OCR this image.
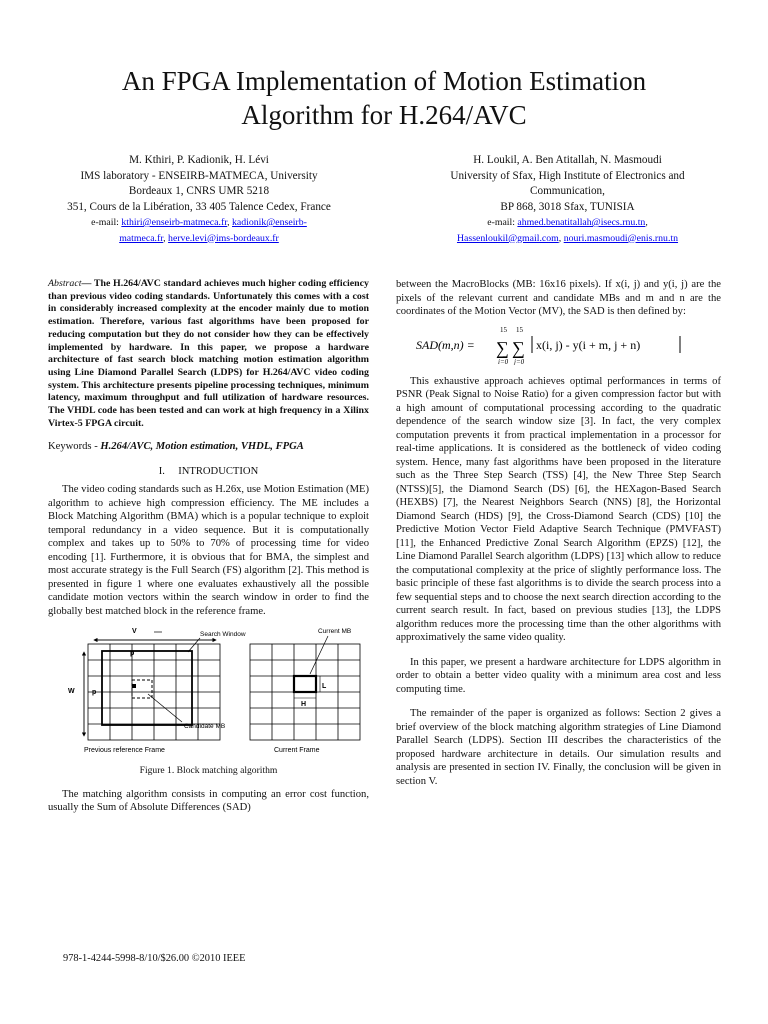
An FPGA Implementation of Motion Estimation
Algorithm for H.264/AVC
M. Kthiri, P. Kadionik, H. Lévi
IMS laboratory - ENSEIRB-MATMECA, University
Bordeaux 1, CNRS UMR 5218
351, Cours de la Libération, 33 405 Talence Cedex, France
e-mail: kthiri@enseirb-matmeca.fr, kadionik@enseirb-
matmeca.fr, herve.levi@ims-bordeaux.fr
H. Loukil, A. Ben Atitallah, N. Masmoudi
University of Sfax, High Institute of Electronics and
Communication,
BP 868, 3018 Sfax, TUNISIA
e-mail: ahmed.benatitallah@isecs.rnu.tn,
Hassenloukil@gmail.com, nouri.masmoudi@enis.rnu.tn

Abstract— The H.264/AVC standard achieves much higher coding efficiency than previous video coding standards. Unfortunately this comes with a cost in considerably increased complexity at the encoder mainly due to motion estimation. Therefore, various fast algorithms have been proposed for reducing computation but they do not consider how they can be effectively implemented by hardware. In this paper, we propose a hardware architecture of fast search block matching motion estimation algorithm using Line Diamond Parallel Search (LDPS) for H.264/AVC video coding system. This architecture presents pipeline processing techniques, minimum latency, maximum throughput and full utilization of hardware resources. The VHDL code has been tested and can work at high frequency in a Xilinx Virtex-5 FPGA circuit.

Keywords - H.264/AVC, Motion estimation, VHDL, FPGA

I. INTRODUCTION

The video coding standards such as H.26x, use Motion Estimation (ME) algorithm to achieve high compression efficiency. The ME includes a Block Matching Algorithm (BMA) which is a popular technique to exploit temporal redundancy in a video sequence. But it is computationally complex and takes up to 50% to 70% of processing time for video encoding [1]. Furthermore, it is obvious that for BMA, the simplest and most accurate strategy is the Full Search (FS) algorithm [2]. This method is presented in figure 1 where one evaluates exhaustively all the possible candidate motion vectors within the search window in order to find the globally best matched block in the reference frame.

V
W
p
p
Search Window	Current MB
Candidate MB
L
H
Previous reference Frame	Current Frame

Figure 1. Block matching algorithm

The matching algorithm consists in computing an error cost function, usually the Sum of Absolute Differences (SAD)

between the MacroBlocks (MB: 16x16 pixels). If x(i, j) and y(i, j) are the pixels of the relevant current and candidate MBs and m and n are the coordinates of the Motion Vector (MV), the SAD is then defined by:

SAD(m,n) =
15 15
∑ ∑
i=0 j=0
x(i, j) - y(i + m, j + n)

This exhaustive approach achieves optimal performances in terms of PSNR (Peak Signal to Noise Ratio) for a given compression factor but with a high amount of computational processing according to the quadratic dependence of the search window size [3]. In fact, the very complex computation prevents it from practical implementation in a processor for real-time applications. It is considered as the bottleneck of video coding system. Hence, many fast algorithms have been proposed in the literature such as the Three Step Search (TSS) [4], the New Three Step Search (NTSS)[5], the Diamond Search (DS) [6], the HEXagon-Based Search (HEXBS) [7], the Nearest Neighbors Search (NNS) [8], the Horizontal Diamond Search (HDS) [9], the Cross-Diamond Search (CDS) [10] the Predictive Motion Vector Field Adaptive Search Technique (PMVFAST) [11], the Enhanced Predictive Zonal Search Algorithm (EPZS) [12], the Line Diamond Parallel Search algorithm (LDPS) [13] which allow to reduce the computational complexity at the price of slightly performance loss. The basic principle of these fast algorithms is to divide the search process into a few sequential steps and to choose the next search direction according to the current search result. In fact, based on previous studies [13], the LDPS algorithm reduces more the processing time than the other algorithms with approximatively the same video quality.

In this paper, we present a hardware architecture for LDPS algorithm in order to obtain a better video quality with a minimum area cost and less computing time.

The remainder of the paper is organized as follows: Section 2 gives a brief overview of the block matching algorithm strategies of Line Diamond Parallel Search (LDPS). Section III describes the characteristics of the proposed hardware architecture in details. Our simulation results and analysis are presented in section IV. Finally, the conclusion will be given in section V.

978-1-4244-5998-8/10/$26.00 ©2010 IEEE
